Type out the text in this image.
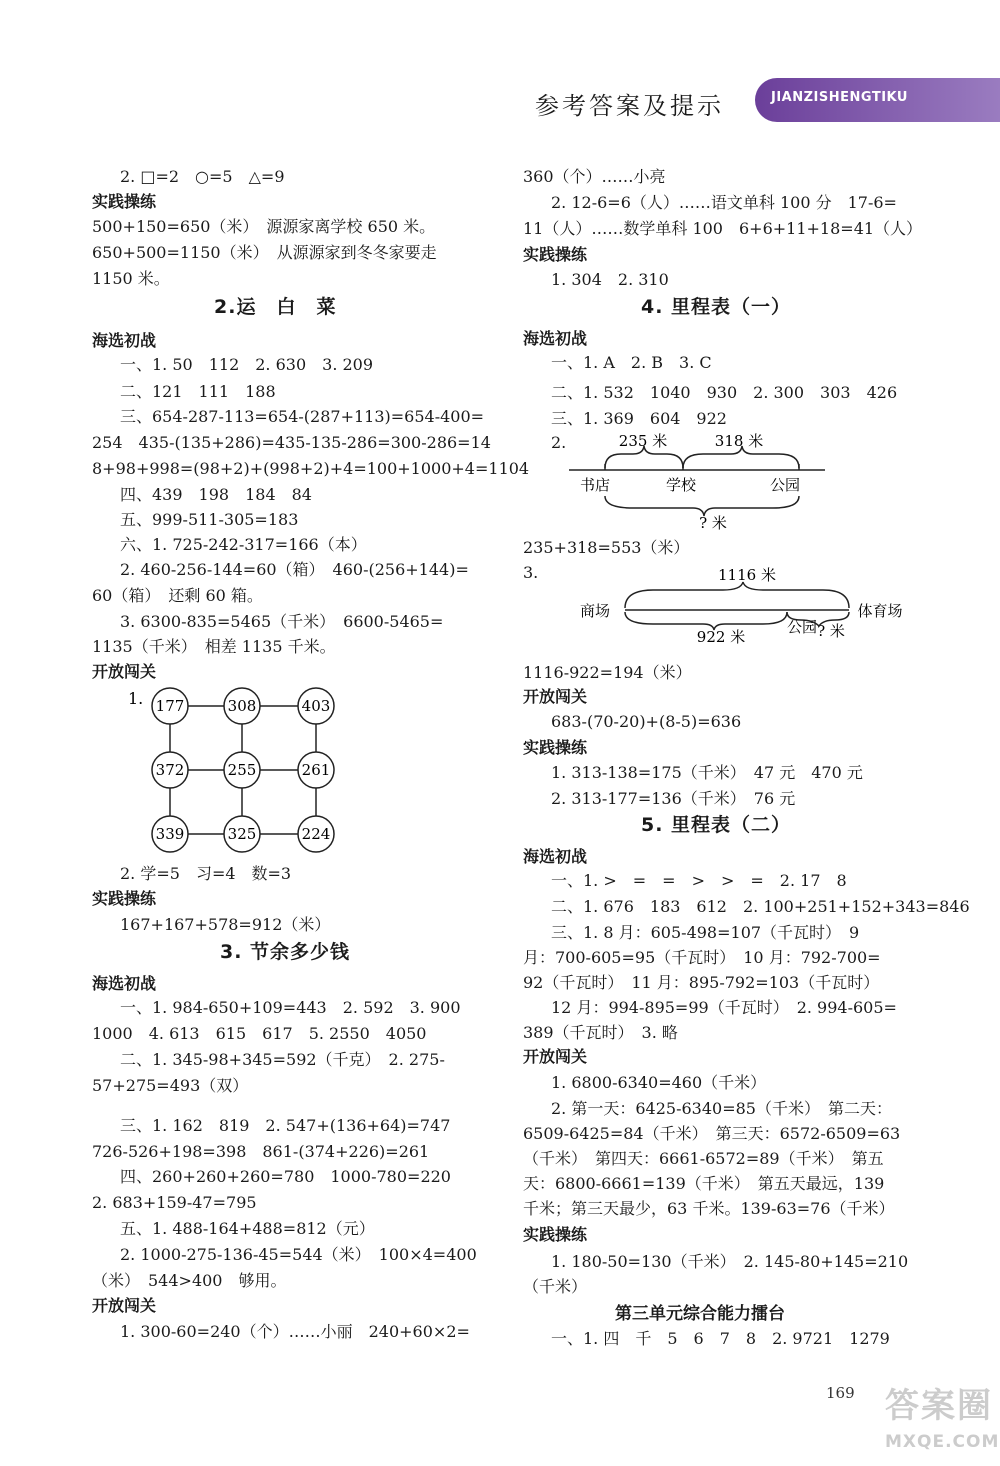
参考答案及提示	JIANZISHENGTIKU
2. □=2　○=5　△=9
实践操练
500+150=650（米）　源源家离学校 650 米。
650+500=1150（米）　从源源家到冬冬家要走
1150 米。
2.运　白　菜
海选初战
一、1. 50　112　2. 630　3. 209
二、121　111　188
三、654-287-113=654-(287+113)=654-400=
254　435-(135+286)=435-135-286=300-286=14
8+98+998=(98+2)+(998+2)+4=100+1000+4=1104
四、439　198　184　84
五、999-511-305=183
六、1. 725-242-317=166（本）
2. 460-256-144=60（箱）　460-(256+144)=
60（箱）　还剩 60 箱。
3. 6300-835=5465（千米）　6600-5465=
1135（千米）　相差 1135 千米。
开放闯关
1. 177	308	403
372	255	261
339	325	224
2. 学=5　习=4　数=3
实践操练
167+167+578=912（米）
3. 节余多少钱
海选初战
一、1. 984-650+109=443　2. 592　3. 900
1000　4. 613　615　617　5. 2550　4050
二、1. 345-98+345=592（千克）　2. 275-
57+275=493（双）
三、1. 162　819　2. 547+(136+64)=747
726-526+198=398　861-(374+226)=261
四、260+260+260=780　1000-780=220
2. 683+159-47=795
五、1. 488-164+488=812（元）
2. 1000-275-136-45=544（米）　100×4=400
（米）　544>400　够用。
开放闯关
1. 300-60=240（个）……小丽　240+60×2=
360（个）……小亮
2. 12-6=6（人）……语文单科 100 分　17-6=
11（人）……数学单科 100　6+6+11+18=41（人）
实践操练
1. 304　2. 310
4. 里程表（一）
海选初战
一、1. A　2. B　3. C
二、1. 532　1040　930　2. 300　303　426
三、1. 369　604　922
2.	235 米	318 米
书店	学校	公园
? 米
235+318=553（米）
3.	1116 米
商场	体育场
922 米
公园 ? 米
1116-922=194（米）
开放闯关
683-(70-20)+(8-5)=636
实践操练
1. 313-138=175（千米）　47 元　470 元
2. 313-177=136（千米）　76 元
5. 里程表（二）
海选初战
一、1. >　=　=　>　>　=　2. 17　8
二、1. 676　183　612　2. 100+251+152+343=846
三、1. 8 月：605-498=107（千瓦时）　9
月：700-605=95（千瓦时）　10 月：792-700=
92（千瓦时）　11 月：895-792=103（千瓦时）
12 月：994-895=99（千瓦时）　2. 994-605=
389（千瓦时）　3. 略
开放闯关
1. 6800-6340=460（千米）
2. 第一天：6425-6340=85（千米）　第二天：
6509-6425=84（千米）　第三天：6572-6509=63
（千米）　第四天：6661-6572=89（千米）　第五
天：6800-6661=139（千米）　第五天最远，139
千米；第三天最少，63 千米。139-63=76（千米）
实践操练
1. 180-50=130（千米）　2. 145-80+145=210
（千米）
第三单元综合能力擂台
一、1. 四　千　5　6　7　8　2. 9721　1279
169 答案圈
MXQE.COM
